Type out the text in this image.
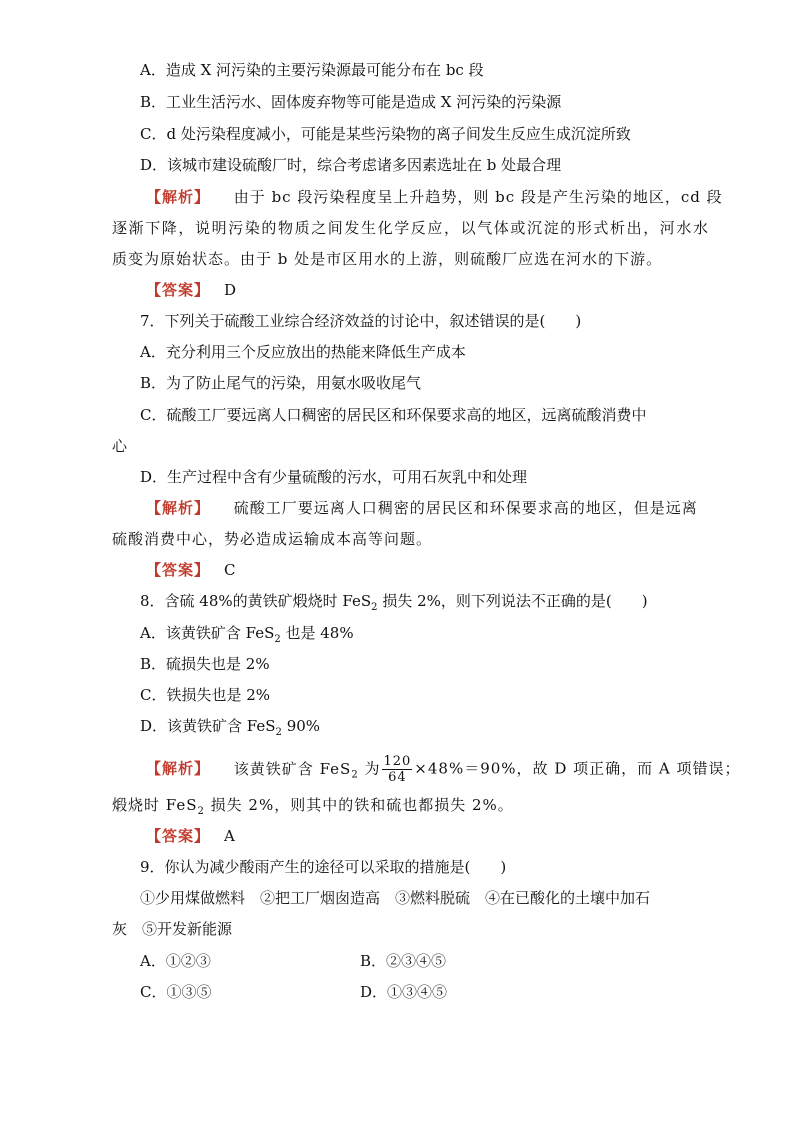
A．造成 X 河污染的主要污染源最可能分布在 bc 段
B．工业生活污水、固体废弃物等可能是造成 X 河污染的污染源
C．d 处污染程度减小，可能是某些污染物的离子间发生反应生成沉淀所致
D．该城市建设硫酸厂时，综合考虑诸多因素选址在 b 处最合理
【解析】 由于 bc 段污染程度呈上升趋势，则 bc 段是产生污染的地区，cd 段
逐渐下降，说明污染的物质之间发生化学反应，以气体或沉淀的形式析出，河水水
质变为原始状态。由于 b 处是市区用水的上游，则硫酸厂应选在河水的下游。
【答案】 D
7．下列关于硫酸工业综合经济效益的讨论中，叙述错误的是(　　)
A．充分利用三个反应放出的热能来降低生产成本
B．为了防止尾气的污染，用氨水吸收尾气
C．硫酸工厂要远离人口稠密的居民区和环保要求高的地区，远离硫酸消费中
心
D．生产过程中含有少量硫酸的污水，可用石灰乳中和处理
【解析】 硫酸工厂要远离人口稠密的居民区和环保要求高的地区，但是远离
硫酸消费中心，势必造成运输成本高等问题。
【答案】 C
8．含硫 48%的黄铁矿煅烧时 FeS$_2$ 损失 2%，则下列说法不正确的是(　　)
A．该黄铁矿含 FeS$_2$ 也是 48%
B．硫损失也是 2%
C．铁损失也是 2%
D．该黄铁矿含 FeS$_2$ 90%
【解析】 该黄铁矿含 FeS$_2$ 为 $\frac{120}{64} \times 48\%=90\%$，故 D 项正确，而 A 项错误；
煅烧时 FeS$_2$ 损失 2%，则其中的铁和硫也都损失 2%。
【答案】 A
9．你认为减少酸雨产生的途径可以采取的措施是(　　)
①少用煤做燃料　②把工厂烟囱造高　③燃料脱硫　④在已酸化的土壤中加石
灰　⑤开发新能源
A．①②③	B．②③④⑤
C．①③⑤	D．①③④⑤
